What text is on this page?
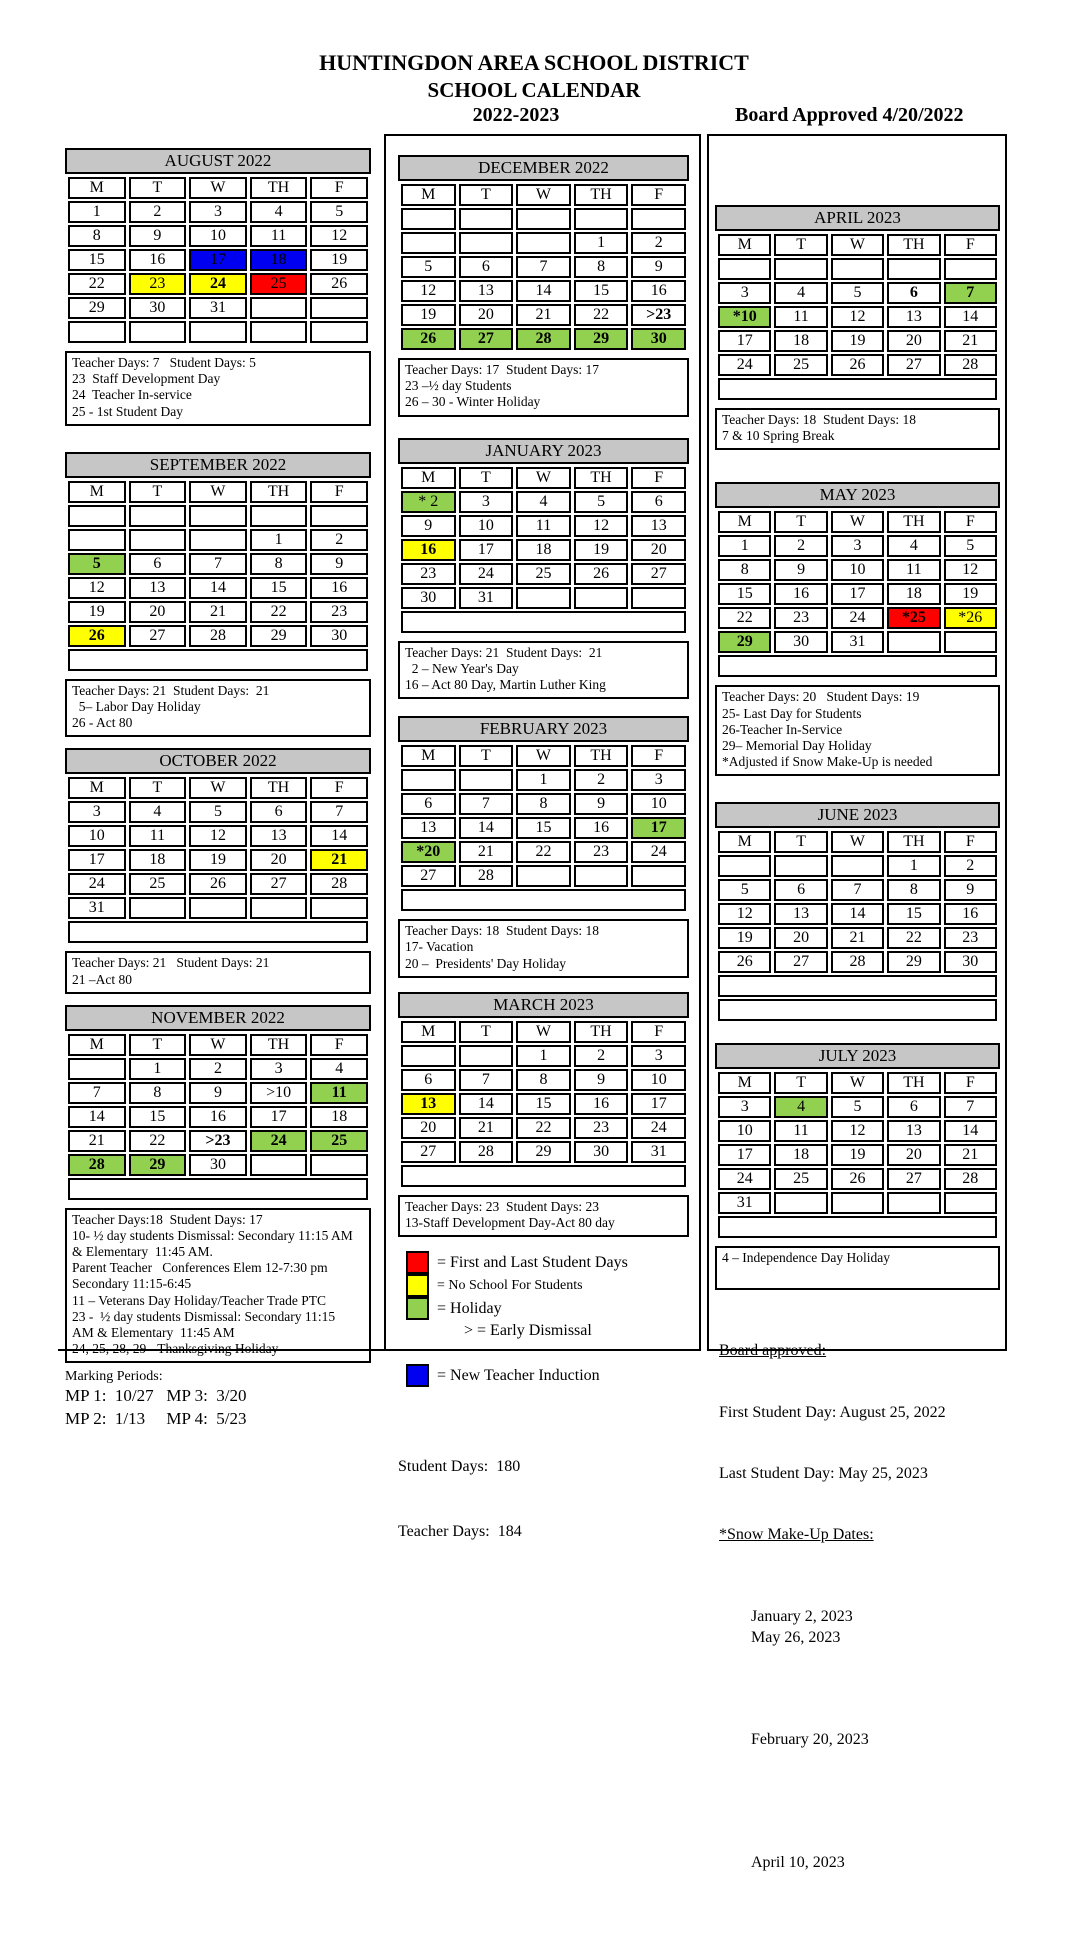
HUNTINGDON AREA SCHOOL DISTRICT
SCHOOL CALENDAR
2022-2023	Board Approved 4/20/2022
AUGUST 2022
M	T	W	TH	F
1	2	3	4	5
8	9	10	11	12
15	16	17	18	19
22	23	24	25	26
29	30	31		

Teacher Days: 7   Student Days: 5
23  Staff Development Day
24  Teacher In-service
25 - 1st Student Day
SEPTEMBER 2022
M	T	W	TH	F

			1	2
5	6	7	8	9
12	13	14	15	16
19	20	21	22	23
26	27	28	29	30

Teacher Days: 21  Student Days:  21
5– Labor Day Holiday
26 - Act 80
OCTOBER 2022
M	T	W	TH	F
3	4	5	6	7
10	11	12	13	14
17	18	19	20	21
24	25	26	27	28
31				

Teacher Days: 21   Student Days: 21
21 –Act 80
NOVEMBER 2022
M	T	W	TH	F
	1	2	3	4
7	8	9	>10	11
14	15	16	17	18
21	22	>23	24	25
28	29	30		

Teacher Days:18  Student Days: 17
10- ½ day students Dismissal: Secondary 11:15 AM
& Elementary  11:45 AM.
Parent Teacher   Conferences Elem 12-7:30 pm
Secondary 11:15-6:45
11 – Veterans Day Holiday/Teacher Trade PTC
23 -  ½ day students Dismissal: Secondary 11:15
AM & Elementary  11:45 AM
Marking Periods:
MP 1:  10/27   MP 3:  3/20
MP 2:  1/13     MP 4:  5/23
DECEMBER 2022
M	T	W	TH	F

			1	2
5	6	7	8	9
12	13	14	15	16
19	20	21	22	>23
26	27	28	29	30
Teacher Days: 17  Student Days: 17
23 –½ day Students
26 – 30 - Winter Holiday
JANUARY 2023
M	T	W	TH	F
* 2	3	4	5	6
9	10	11	12	13
16	17	18	19	20
23	24	25	26	27
30	31			

Teacher Days: 21  Student Days:  21
2 – New Year's Day
16 – Act 80 Day, Martin Luther King
FEBRUARY 2023
M	T	W	TH	F
		1	2	3
6	7	8	9	10
13	14	15	16	17
*20	21	22	23	24
27	28			

Teacher Days: 18  Student Days: 18
17- Vacation
20 –  Presidents' Day Holiday
MARCH 2023
M	T	W	TH	F
		1	2	3
6	7	8	9	10
13	14	15	16	17
20	21	22	23	24
27	28	29	30	31

Teacher Days: 23  Student Days: 23
13-Staff Development Day-Act 80 day
= First and Last Student Days
= No School For Students
= Holiday
> = Early Dismissal
= New Teacher Induction

Student Days:  180

Teacher Days:  184

APRIL 2023
M	T	W	TH	F

3	4	5	6	7
*10	11	12	13	14
17	18	19	20	21
24	25	26	27	28

Teacher Days: 18  Student Days: 18
7 & 10 Spring Break
MAY 2023
M	T	W	TH	F
1	2	3	4	5
8	9	10	11	12
15	16	17	18	19
22	23	24	*25	*26
29	30	31		

Teacher Days: 20   Student Days: 19
25- Last Day for Students
26-Teacher In-Service
29– Memorial Day Holiday
*Adjusted if Snow Make-Up is needed
JUNE 2023
M	T	W	TH	F
			1	2
5	6	7	8	9
12	13	14	15	16
19	20	21	22	23
26	27	28	29	30

JULY 2023
M	T	W	TH	F
3	4	5	6	7
10	11	12	13	14
17	18	19	20	21
24	25	26	27	28
31				

4 – Independence Day Holiday

Board approved:

First Student Day: August 25, 2022

Last Student Day: May 25, 2023

*Snow Make-Up Dates:

January 2, 2023
May 26, 2023

February 20, 2023

April 10, 2023
